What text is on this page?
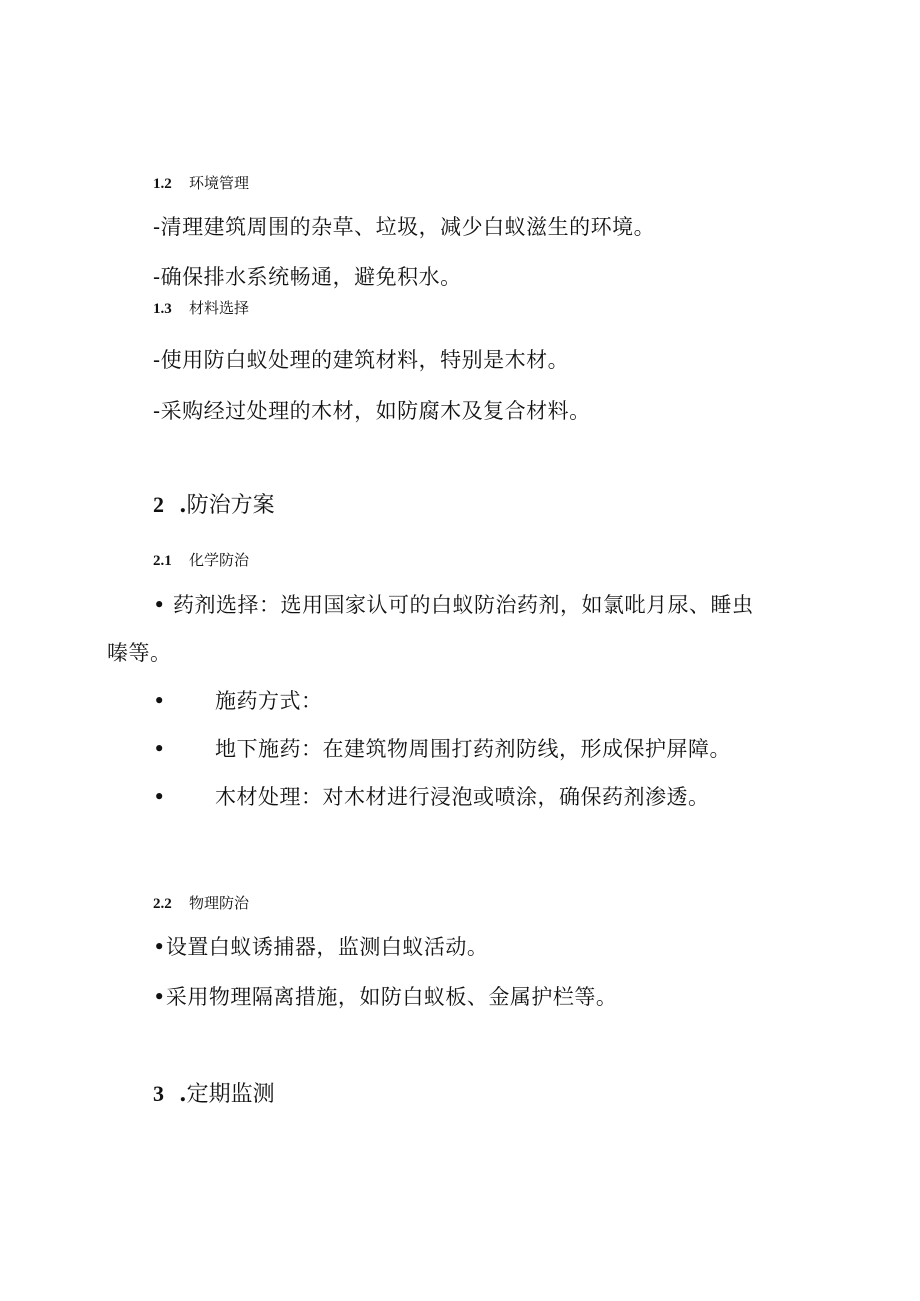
1.2 环境管理
-清理建筑周围的杂草、垃圾，减少白蚁滋生的环境。
-确保排水系统畅通，避免积水。
1.3 材料选择
-使用防白蚁处理的建筑材料，特别是木材。
-采购经过处理的木材，如防腐木及复合材料。
2 .防治方案
2.1 化学防治
• 药剂选择：选用国家认可的白蚁防治药剂，如氯吡月尿、睡虫
嗪等。
• 施药方式：
• 地下施药：在建筑物周围打药剂防线，形成保护屏障。
• 木材处理：对木材进行浸泡或喷涂，确保药剂渗透。
2.2 物理防治
•设置白蚁诱捕器，监测白蚁活动。
•采用物理隔离措施，如防白蚁板、金属护栏等。
3 .定期监测
